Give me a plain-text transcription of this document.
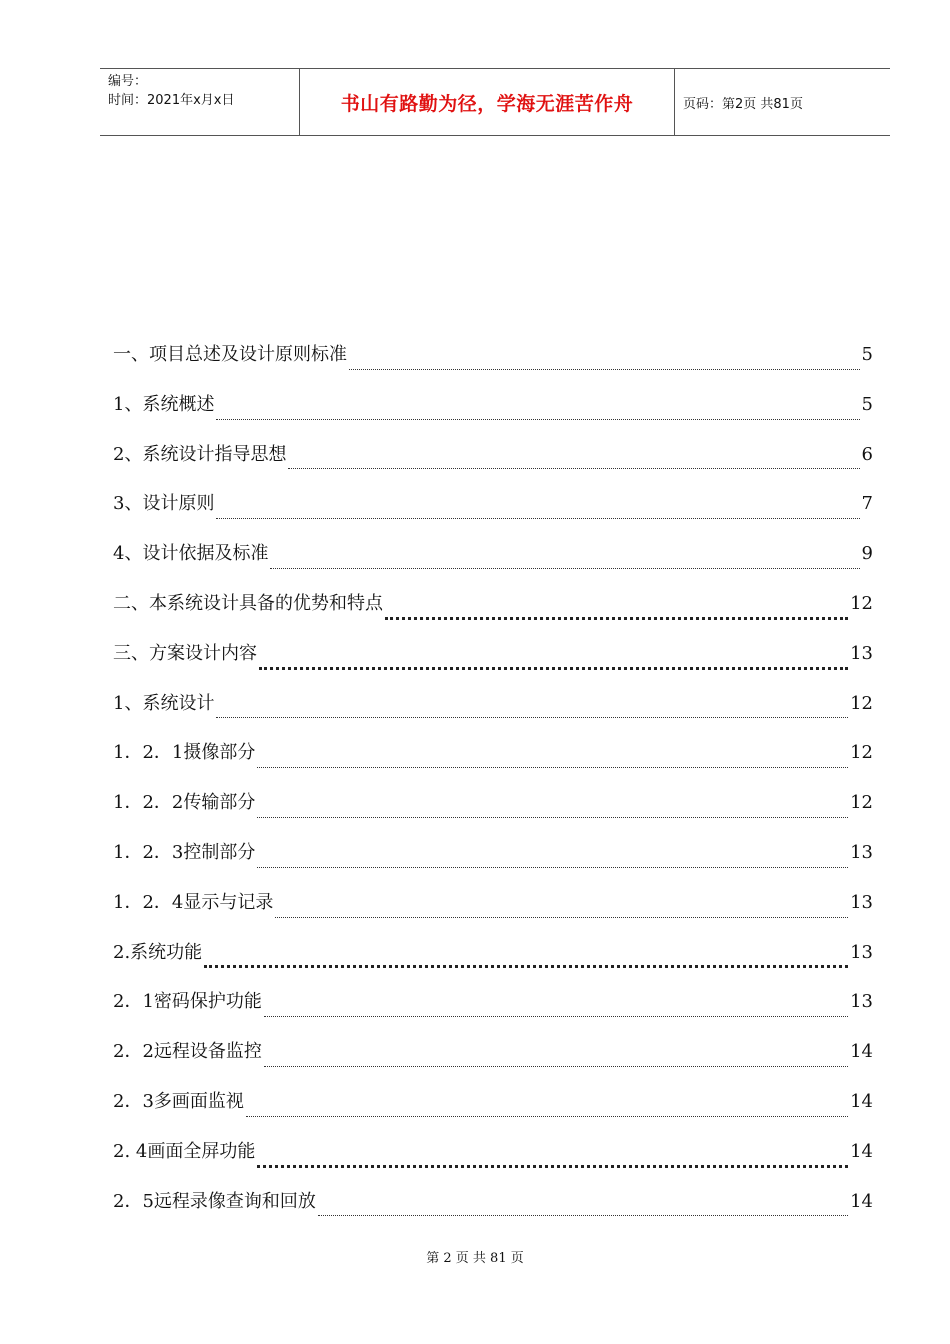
编号：
时间：2021年x月x日	书山有路勤为径，学海无涯苦作舟	页码：第2页 共81页
一、项目总述及设计原则标准	5
1、系统概述	5
2、系统设计指导思想	6
3、设计原则	7
4、设计依据及标准	9
二、本系统设计具备的优势和特点	12
三、方案设计内容	13
1、系统设计	12
1．2．1摄像部分	12
1．2．2传输部分	12
1．2．3控制部分	13
1．2．4显示与记录	13
2.系统功能	13
2．1密码保护功能	13
2．2远程设备监控	14
2．3多画面监视	14
2. 4画面全屏功能	14
2．5远程录像查询和回放	14
第 2 页 共 81 页
